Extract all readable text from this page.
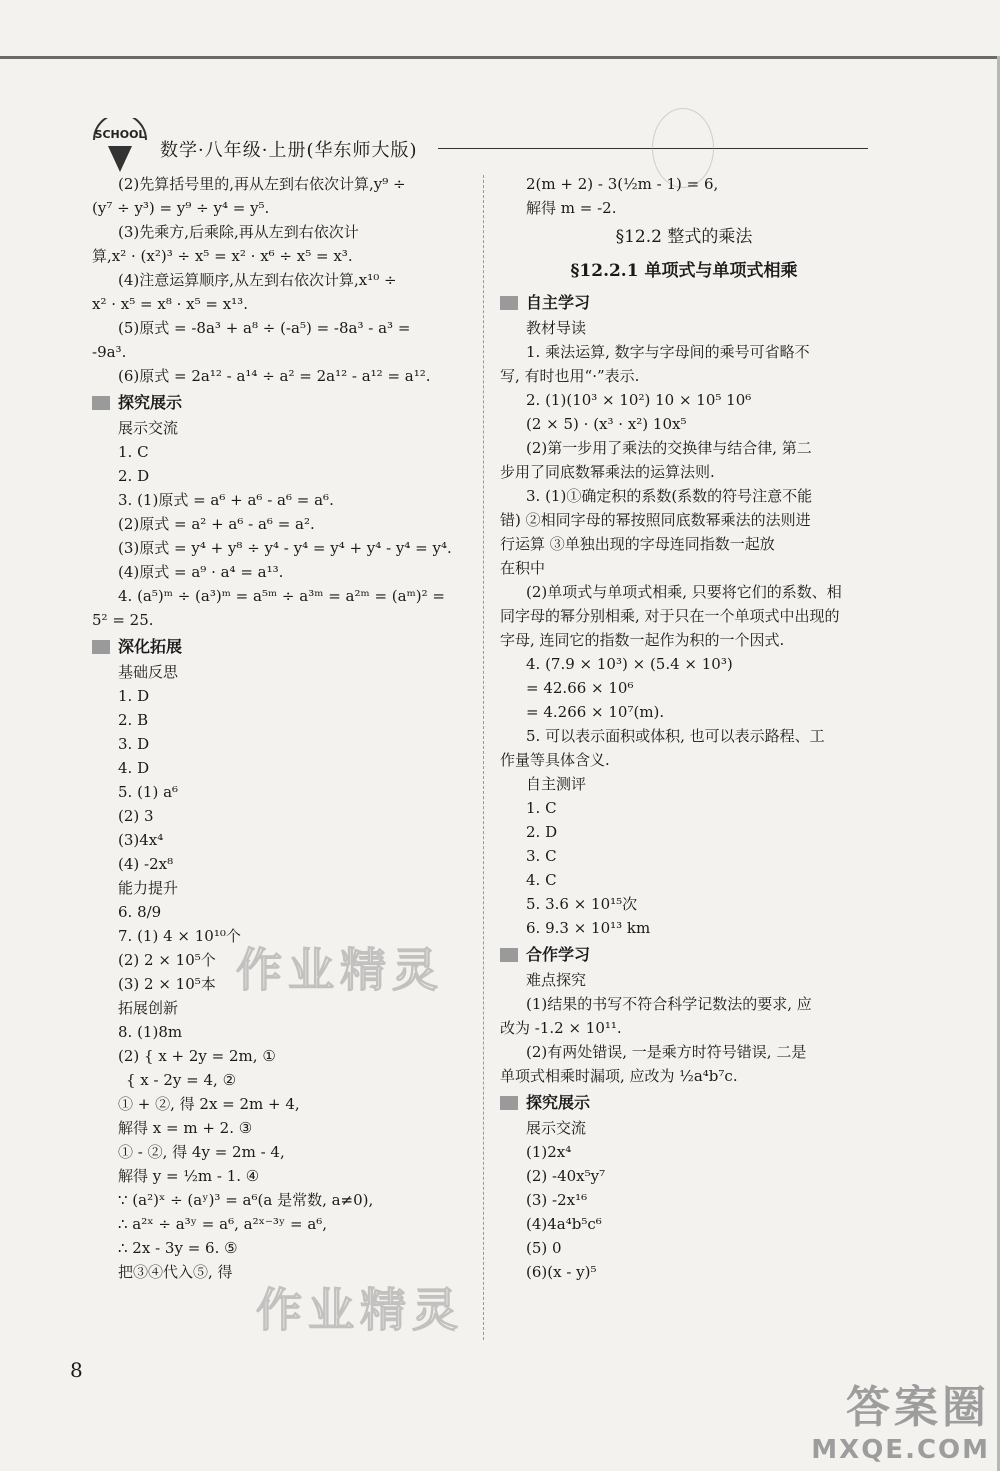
SCHOOL
数学·八年级·上册(华东师大版)
(2)先算括号里的,再从左到右依次计算,y⁹ ÷
(y⁷ ÷ y³) = y⁹ ÷ y⁴ = y⁵.
(3)先乘方,后乘除,再从左到右依次计
算,x² · (x²)³ ÷ x⁵ = x² · x⁶ ÷ x⁵ = x³.
(4)注意运算顺序,从左到右依次计算,x¹⁰ ÷
x² · x⁵ = x⁸ · x⁵ = x¹³.
(5)原式 = -8a³ + a⁸ ÷ (-a⁵) = -8a³ - a³ =
-9a³.
(6)原式 = 2a¹² - a¹⁴ ÷ a² = 2a¹² - a¹² = a¹².
探究展示
展示交流
1. C
2. D
3. (1)原式 = a⁶ + a⁶ - a⁶ = a⁶.
(2)原式 = a² + a⁶ - a⁶ = a².
(3)原式 = y⁴ + y⁸ ÷ y⁴ - y⁴ = y⁴ + y⁴ - y⁴ = y⁴.
(4)原式 = a⁹ · a⁴ = a¹³.
4. (a⁵)ᵐ ÷ (a³)ᵐ = a⁵ᵐ ÷ a³ᵐ = a²ᵐ = (aᵐ)² =
5² = 25.
深化拓展
基础反思
1. D
2. B
3. D
4. D
5. (1) a⁶
(2) 3
(3)4x⁴
(4) -2x⁸
能力提升
6. 8/9
7. (1) 4 × 10¹⁰个
(2) 2 × 10⁵个
(3) 2 × 10⁵本
拓展创新
8. (1)8m
(2) { x + 2y = 2m, ①
{ x - 2y = 4, ②
① + ②, 得 2x = 2m + 4,
解得 x = m + 2. ③
① - ②, 得 4y = 2m - 4,
解得 y = ½m - 1. ④
∵ (a²)ˣ ÷ (aʸ)³ = a⁶(a 是常数, a≠0),
∴ a²ˣ ÷ a³ʸ = a⁶, a²ˣ⁻³ʸ = a⁶,
∴ 2x - 3y = 6. ⑤
把③④代入⑤, 得
2(m + 2) - 3(½m - 1) = 6,
解得 m = -2.
§12.2 整式的乘法
§12.2.1 单项式与单项式相乘
自主学习
教材导读
1. 乘法运算, 数字与字母间的乘号可省略不
写, 有时也用“·”表示.
2. (1)(10³ × 10²) 10 × 10⁵ 10⁶
(2 × 5) · (x³ · x²) 10x⁵
(2)第一步用了乘法的交换律与结合律, 第二
步用了同底数幂乘法的运算法则.
3. (1)①确定积的系数(系数的符号注意不能
错) ②相同字母的幂按照同底数幂乘法的法则进
行运算 ③单独出现的字母连同指数一起放
在积中
(2)单项式与单项式相乘, 只要将它们的系数、相
同字母的幂分别相乘, 对于只在一个单项式中出现的
字母, 连同它的指数一起作为积的一个因式.
4. (7.9 × 10³) × (5.4 × 10³)
= 42.66 × 10⁶
= 4.266 × 10⁷(m).
5. 可以表示面积或体积, 也可以表示路程、工
作量等具体含义.
自主测评
1. C
2. D
3. C
4. C
5. 3.6 × 10¹⁵次
6. 9.3 × 10¹³ km
合作学习
难点探究
(1)结果的书写不符合科学记数法的要求, 应
改为 -1.2 × 10¹¹.
(2)有两处错误, 一是乘方时符号错误, 二是
单项式相乘时漏项, 应改为 ½a⁴b⁷c.
探究展示
展示交流
(1)2x⁴
(2) -40x⁵y⁷
(3) -2x¹⁶
(4)4a⁴b⁵c⁶
(5) 0
(6)(x - y)⁵
8
作业精灵
作业精灵
答案圈
MXQE.COM
